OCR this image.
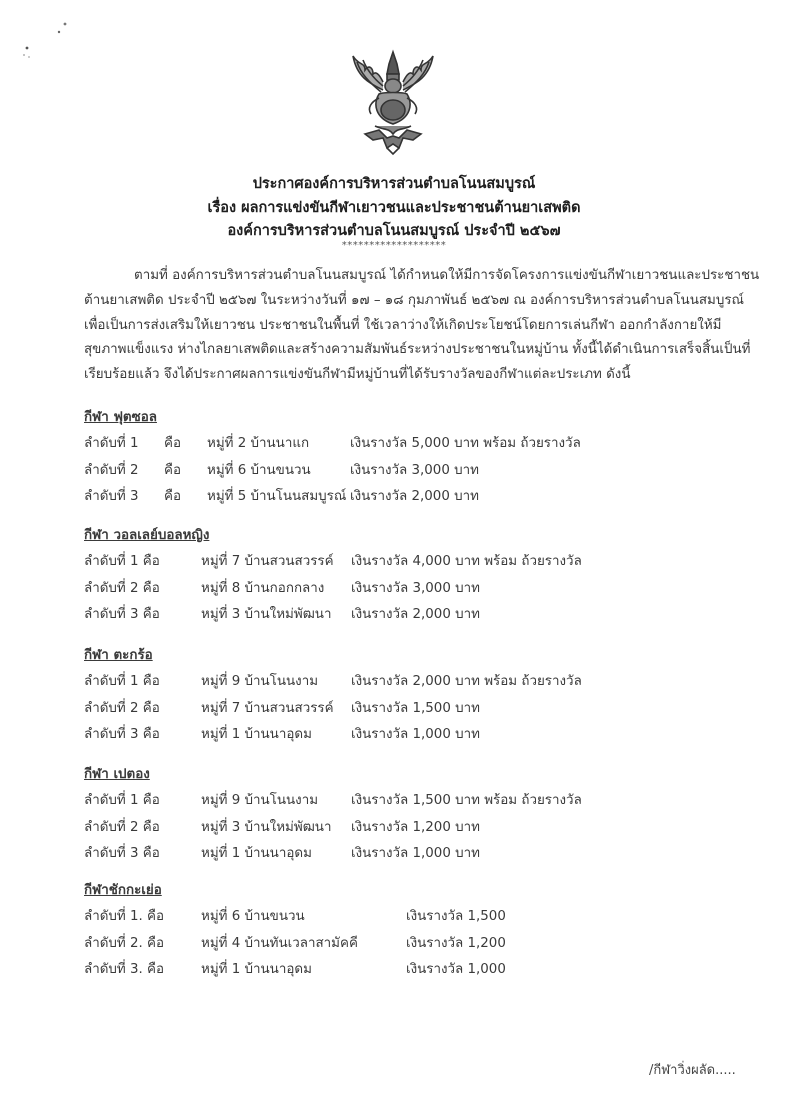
ประกาศองค์การบริหารส่วนตำบลโนนสมบูรณ์
เรื่อง ผลการแข่งขันกีฬาเยาวชนและประชาชนต้านยาเสพติด
องค์การบริหารส่วนตำบลโนนสมบูรณ์ ประจำปี ๒๕๖๗
*******************

ตามที่ องค์การบริหารส่วนตำบลโนนสมบูรณ์ ได้กำหนดให้มีการจัดโครงการแข่งขันกีฬาเยาวชนและประชาชน

ต้านยาเสพติด ประจำปี ๒๕๖๗ ในระหว่างวันที่ ๑๗ – ๑๘ กุมภาพันธ์ ๒๕๖๗ ณ องค์การบริหารส่วนตำบลโนนสมบูรณ์

เพื่อเป็นการส่งเสริมให้เยาวชน ประชาชนในพื้นที่ ใช้เวลาว่างให้เกิดประโยชน์โดยการเล่นกีฬา ออกกำลังกายให้มี

สุขภาพแข็งแรง ห่างไกลยาเสพติดและสร้างความสัมพันธ์ระหว่างประชาชนในหมู่บ้าน ทั้งนี้ได้ดำเนินการเสร็จสิ้นเป็นที่

เรียบร้อยแล้ว จึงได้ประกาศผลการแข่งขันกีฬามีหมู่บ้านที่ได้รับรางวัลของกีฬาแต่ละประเภท ดังนี้

กีฬา ฟุตซอล
ลำดับที่ 1	คือ	หมู่ที่ 2 บ้านนาแก	เงินรางวัล 5,000 บาท พร้อม ถ้วยรางวัล
ลำดับที่ 2	คือ	หมู่ที่ 6 บ้านขนวน	เงินรางวัล 3,000 บาท
ลำดับที่ 3	คือ	หมู่ที่ 5 บ้านโนนสมบูรณ์ เงินรางวัล 2,000 บาท
กีฬา วอลเลย์บอลหญิง
ลำดับที่ 1 คือ	หมู่ที่ 7 บ้านสวนสวรรค์	เงินรางวัล 4,000 บาท พร้อม ถ้วยรางวัล
ลำดับที่ 2 คือ	หมู่ที่ 8 บ้านกอกกลาง	เงินรางวัล 3,000 บาท
ลำดับที่ 3 คือ	หมู่ที่ 3 บ้านใหม่พัฒนา	เงินรางวัล 2,000 บาท
กีฬา ตะกร้อ
ลำดับที่ 1 คือ	หมู่ที่ 9 บ้านโนนงาม	เงินรางวัล 2,000 บาท พร้อม ถ้วยรางวัล
ลำดับที่ 2 คือ	หมู่ที่ 7 บ้านสวนสวรรค์	เงินรางวัล 1,500 บาท
ลำดับที่ 3 คือ	หมู่ที่ 1 บ้านนาอุดม	เงินรางวัล 1,000 บาท
กีฬา เปตอง
ลำดับที่ 1 คือ	หมู่ที่ 9 บ้านโนนงาม	เงินรางวัล 1,500 บาท พร้อม ถ้วยรางวัล
ลำดับที่ 2 คือ	หมู่ที่ 3 บ้านใหม่พัฒนา	เงินรางวัล 1,200 บาท
ลำดับที่ 3 คือ	หมู่ที่ 1 บ้านนาอุดม	เงินรางวัล 1,000 บาท
กีฬาชักกะเย่อ
ลำดับที่ 1. คือ	หมู่ที่ 6 บ้านขนวน	เงินรางวัล 1,500
ลำดับที่ 2. คือ	หมู่ที่ 4 บ้านทันเวลาสามัคคี	เงินรางวัล 1,200
ลำดับที่ 3. คือ	หมู่ที่ 1 บ้านนาอุดม	เงินรางวัล 1,000
/กีฬาวิ่งผลัด.....
